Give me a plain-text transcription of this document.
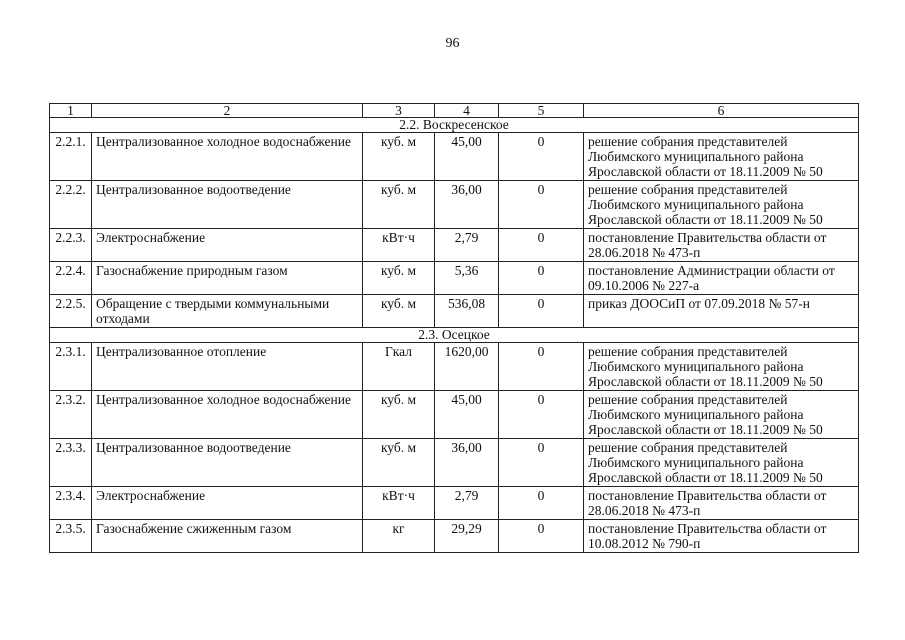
96
1	2	3	4	5	6
2.2. Воскресенское					
2.2.1.	Централизованное холодное водоснабжение	куб. м	45,00	0	решение собрания представителей Любимского муниципального района Ярославской области от 18.11.2009 № 50
2.2.2.	Централизованное водоотведение	куб. м	36,00	0	решение собрания представителей Любимского муниципального района Ярославской области от 18.11.2009 № 50
2.2.3.	Электроснабжение	кВт·ч	2,79	0	постановление Правительства области от 28.06.2018 № 473-п
2.2.4.	Газоснабжение природным газом	куб. м	5,36	0	постановление Администрации области от 09.10.2006 № 227-а
2.2.5.	Обращение с твердыми коммунальными отходами	куб. м	536,08	0	приказ ДООСиП от 07.09.2018 № 57-н
2.3. Осецкое					
2.3.1.	Централизованное отопление	Гкал	1620,00	0	решение собрания представителей Любимского муниципального района Ярославской области от 18.11.2009 № 50
2.3.2.	Централизованное холодное водоснабжение	куб. м	45,00	0	решение собрания представителей Любимского муниципального района Ярославской области от 18.11.2009 № 50
2.3.3.	Централизованное водоотведение	куб. м	36,00	0	решение собрания представителей Любимского муниципального района Ярославской области от 18.11.2009 № 50
2.3.4.	Электроснабжение	кВт·ч	2,79	0	постановление Правительства области от 28.06.2018 № 473-п
2.3.5.	Газоснабжение сжиженным газом	кг	29,29	0	постановление Правительства области от 10.08.2012 № 790-п
